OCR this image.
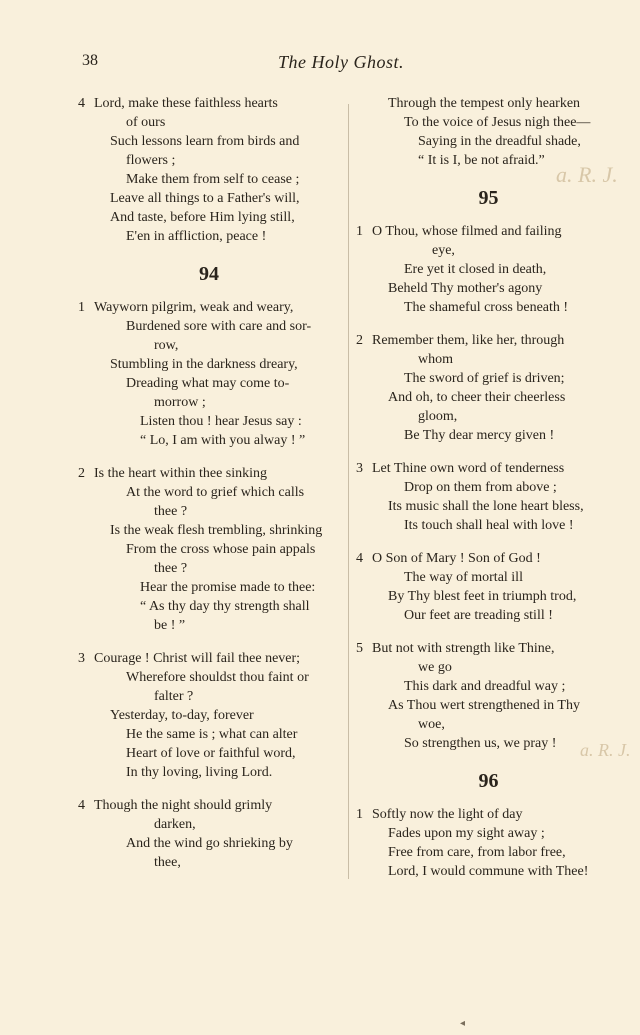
38	The Holy Ghost.
4 Lord, make these faithless hearts
of ours
Such lessons learn from birds and
flowers ;
Make them from self to cease ;
Leave all things to a Father's will,
And taste, before Him lying still,
E'en in affliction, peace !
94
1 Wayworn pilgrim, weak and weary,
Burdened sore with care and sor-
row,
Stumbling in the darkness dreary,
Dreading what may come to-
morrow ;
Listen thou ! hear Jesus say :
“ Lo, I am with you alway ! ”
2 Is the heart within thee sinking
At the word to grief which calls
thee ?
Is the weak flesh trembling, shrinking
From the cross whose pain appals
thee ?
Hear the promise made to thee:
“ As thy day thy strength shall
be ! ”
3 Courage ! Christ will fail thee never;
Wherefore shouldst thou faint or
falter ?
Yesterday, to-day, forever
He the same is ; what can alter
Heart of love or faithful word,
In thy loving, living Lord.
4 Though the night should grimly
darken,
And the wind go shrieking by
thee,
Through the tempest only hearken
To the voice of Jesus nigh thee—
Saying in the dreadful shade,
“ It is I, be not afraid.”
95
1 O Thou, whose filmed and failing
eye,
Ere yet it closed in death,
Beheld Thy mother's agony
The shameful cross beneath !
2 Remember them, like her, through
whom
The sword of grief is driven;
And oh, to cheer their cheerless
gloom,
Be Thy dear mercy given !
3 Let Thine own word of tenderness
Drop on them from above ;
Its music shall the lone heart bless,
Its touch shall heal with love !
4 O Son of Mary ! Son of God !
The way of mortal ill
By Thy blest feet in triumph trod,
Our feet are treading still !
5 But not with strength like Thine,
we go
This dark and dreadful way ;
As Thou wert strengthened in Thy
woe,
So strengthen us, we pray !
96
1 Softly now the light of day
Fades upon my sight away ;
Free from care, from labor free,
Lord, I would commune with Thee!
a. R. J.
a. R. J.
◂
